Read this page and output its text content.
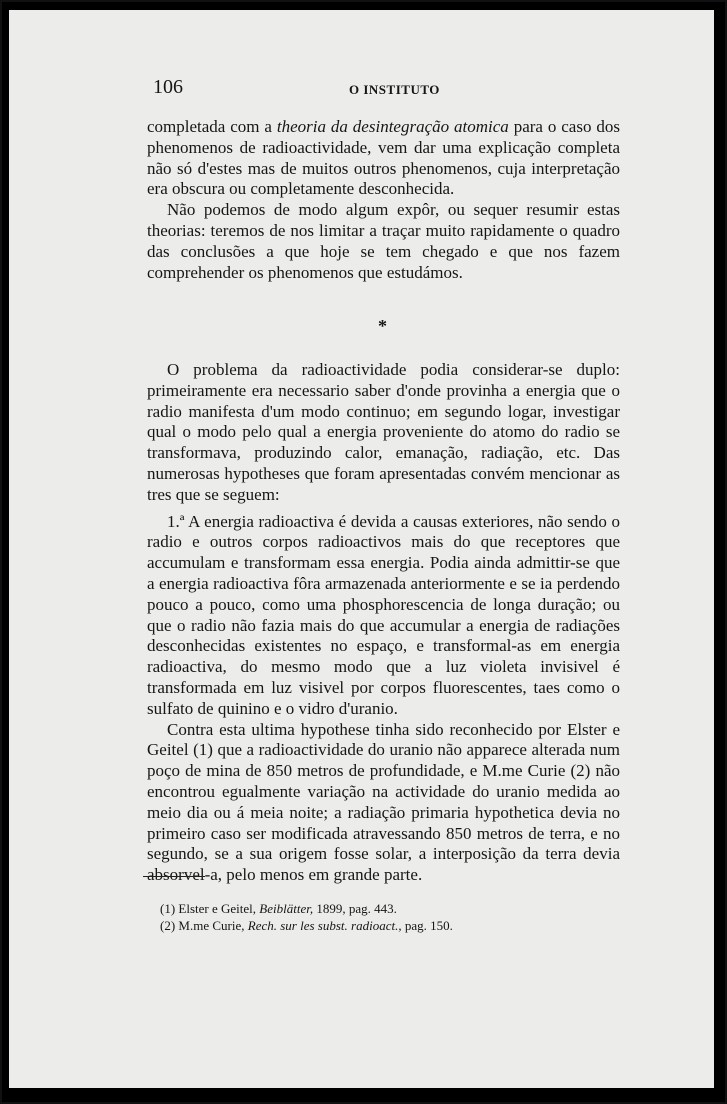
106	O INSTITUTO

completada com a theoria da desintegração atomica para o caso dos phenomenos de radioactividade, vem dar uma explicação completa não só d'estes mas de muitos outros phenomenos, cuja interpretação era obscura ou completamente desconhecida.

Não podemos de modo algum expôr, ou sequer resumir estas theorias: teremos de nos limitar a traçar muito rapidamente o quadro das conclusões a que hoje se tem chegado e que nos fazem comprehender os phenomenos que estudámos.

*

O problema da radioactividade podia considerar-se duplo: primeiramente era necessario saber d'onde provinha a energia que o radio manifesta d'um modo continuo; em segundo logar, investigar qual o modo pelo qual a energia proveniente do atomo do radio se transformava, produzindo calor, emanação, radiação, etc. Das numerosas hypotheses que foram apresentadas convém mencionar as tres que se seguem:

1.ª A energia radioactiva é devida a causas exteriores, não sendo o radio e outros corpos radioactivos mais do que receptores que accumulam e transformam essa energia. Podia ainda admittir-se que a energia radioactiva fôra armazenada anteriormente e se ia perdendo pouco a pouco, como uma phosphorescencia de longa duração; ou que o radio não fazia mais do que accumular a energia de radiações desconhecidas existentes no espaço, e transformal-as em energia radioactiva, do mesmo modo que a luz violeta invisivel é transformada em luz visivel por corpos fluorescentes, taes como o sulfato de quinino e o vidro d'uranio.

Contra esta ultima hypothese tinha sido reconhecido por Elster e Geitel (1) que a radioactividade do uranio não apparece alterada num poço de mina de 850 metros de profundidade, e M.me Curie (2) não encontrou egualmente variação na actividade do uranio medida ao meio dia ou á meia noite; a radiação primaria hypothetica devia no primeiro caso ser modificada atravessando 850 metros de terra, e no segundo, se a sua origem fosse solar, a interposição da terra devia absorvel-a, pelo menos em grande parte.

(1) Elster e Geitel, Beiblätter, 1899, pag. 443.

(2) M.me Curie, Rech. sur les subst. radioact., pag. 150.
